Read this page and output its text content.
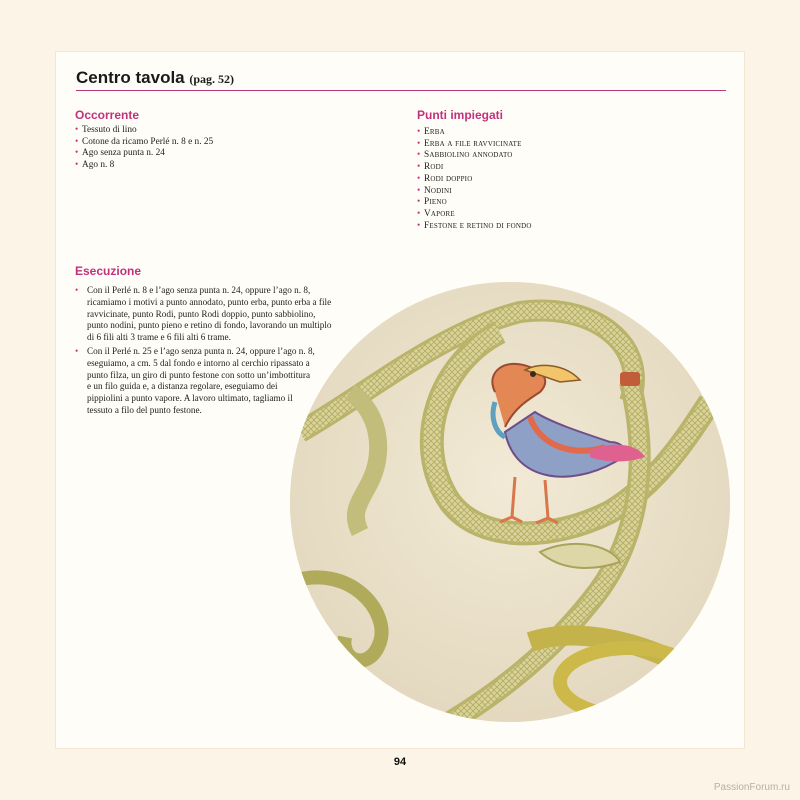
Centro tavola (pag. 52)
Occorrente
• Tessuto di lino
• Cotone da ricamo Perlé n. 8 e n. 25
• Ago senza punta n. 24
• Ago n. 8
Punti impiegati
• Erba
• Erba a file ravvicinate
• Sabbiolino annodato
• Rodi
• Rodi doppio
• Nodini
• Pieno
• Vapore
• Festone e retino di fondo
Esecuzione
• Con il Perlé n. 8 e l’ago senza punta n. 24, oppure l’ago n. 8, ricamiamo i motivi a punto annodato, punto erba, punto erba a file ravvicinate, punto Rodi, punto Rodi doppio, punto sabbiolino, punto nodini, punto pieno e retino di fondo, lavorando un multiplo di 6 fili alti 3 trame e 6 fili alti 6 trame.
• Con il Perlé n. 25 e l’ago senza punta n. 24, oppure l’ago n. 8, eseguiamo, a cm. 5 dal fondo e intorno al cerchio ripassato a punto filza, un giro di punto festone con sotto un’imbottitura e un filo guida e, a distanza regolare, eseguiamo dei pippiolini a punto vapore. A lavoro ultimato, tagliamo il tessuto a filo del punto festone.
94
PassionForum.ru
